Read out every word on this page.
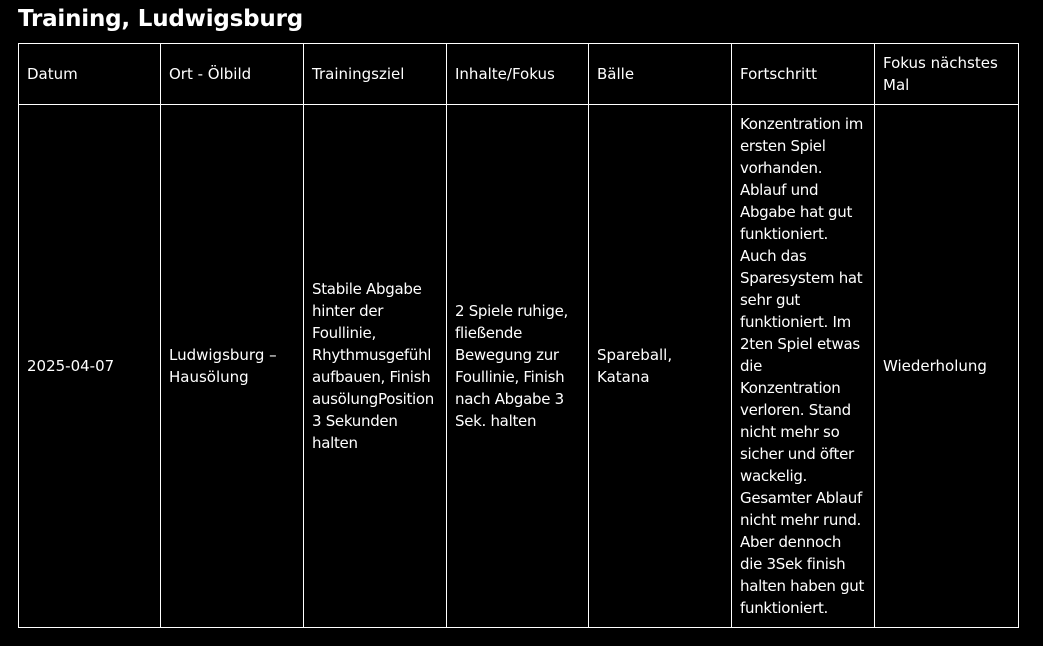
Training, Ludwigsburg
Datum	Ort - Ölbild	Trainingsziel	Inhalte/Fokus	Bälle	Fortschritt	Fokus nächstes Mal
2025-04-07	Ludwigsburg – Hausölung	Stabile Abgabe hinter der Foullinie, Rhythmusgefühl aufbauen, Finish ausölungPosition 3 Sekunden halten	2 Spiele ruhige, fließende Bewegung zur Foullinie, Finish nach Abgabe 3 Sek. halten	Spareball, Katana	Konzentration im ersten Spiel vorhanden. Ablauf und Abgabe hat gut funktioniert. Auch das Sparesystem hat sehr gut funktioniert. Im 2ten Spiel etwas die Konzentration verloren. Stand nicht mehr so sicher und öfter wackelig. Gesamter Ablauf nicht mehr rund. Aber dennoch die 3Sek finish halten haben gut funktioniert.	Wiederholung
